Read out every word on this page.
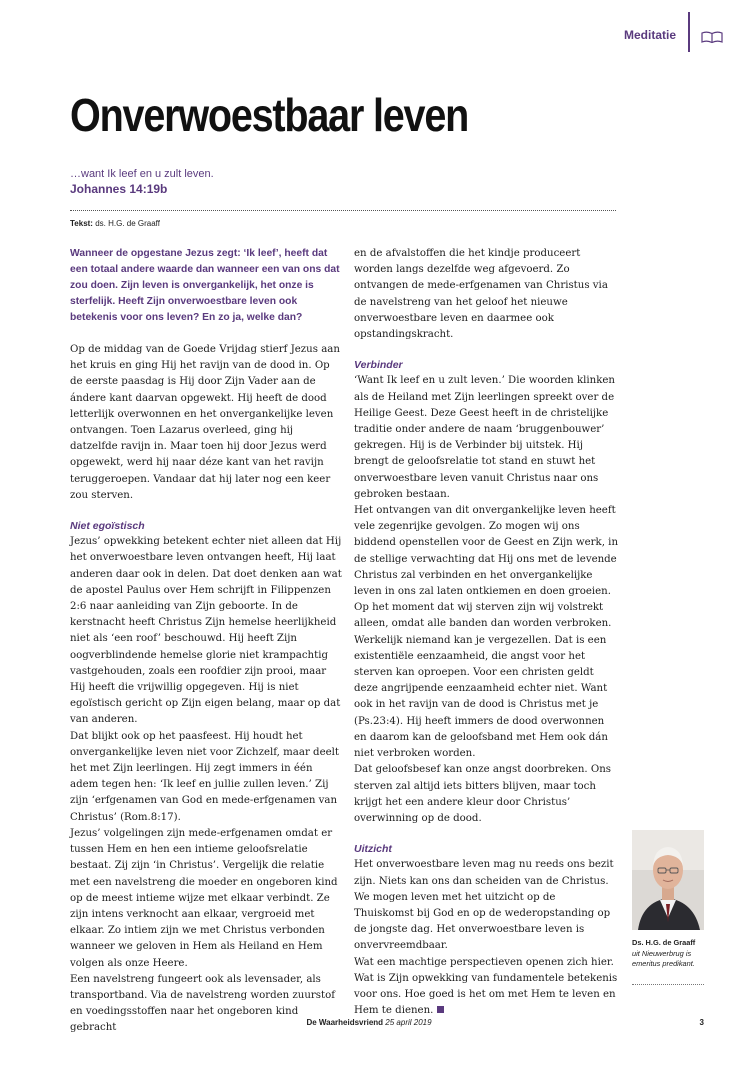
Meditatie
Onverwoestbaar leven
…want Ik leef en u zult leven.
Johannes 14:19b
Tekst: ds. H.G. de Graaff

Wanneer de opgestane Jezus zegt: ‘Ik leef’, heeft dat een totaal andere waarde dan wanneer een van ons dat zou doen. Zijn leven is onvergankelijk, het onze is sterfelijk. Heeft Zijn onverwoestbare leven ook betekenis voor ons leven? En zo ja, welke dan?

Op de middag van de Goede Vrijdag stierf Jezus aan het kruis en ging Hij het ravijn van de dood in. Op de eerste paasdag is Hij door Zijn Vader aan de ándere kant daarvan opgewekt. Hij heeft de dood letterlijk overwonnen en het onvergankelijke leven ontvangen. Toen Lazarus overleed, ging hij datzelfde ravijn in. Maar toen hij door Jezus werd opgewekt, werd hij naar déze kant van het ravijn teruggeroepen. Vandaar dat hij later nog een keer zou sterven.

Niet egoïstisch

Jezus’ opwekking betekent echter niet alleen dat Hij het onverwoestbare leven ontvangen heeft, Hij laat anderen daar ook in delen. Dat doet denken aan wat de apostel Paulus over Hem schrijft in Filippenzen 2:6 naar aanleiding van Zijn geboorte. In de kerstnacht heeft Christus Zijn hemelse heerlijkheid niet als ‘een roof’ beschouwd. Hij heeft Zijn oogverblindende hemelse glorie niet krampachtig vastgehouden, zoals een roofdier zijn prooi, maar Hij heeft die vrijwillig opgegeven. Hij is niet egoïstisch gericht op Zijn eigen belang, maar op dat van anderen.

Dat blijkt ook op het paasfeest. Hij houdt het onvergankelijke leven niet voor Zichzelf, maar deelt het met Zijn leerlingen. Hij zegt immers in één adem tegen hen: ‘Ik leef en jullie zullen leven.’ Zij zijn ‘erfgenamen van God en mede-erfgenamen van Christus’ (Rom.8:17).

Jezus’ volgelingen zijn mede-erfgenamen omdat er tussen Hem en hen een intieme geloofsrelatie bestaat. Zij zijn ‘in Christus’. Vergelijk die relatie met een navelstreng die moeder en ongeboren kind op de meest intieme wijze met elkaar verbindt. Ze zijn intens verknocht aan elkaar, vergroeid met elkaar. Zo intiem zijn we met Christus verbonden wanneer we geloven in Hem als Heiland en Hem volgen als onze Heere.

Een navelstreng fungeert ook als levensader, als transportband. Via de navelstreng worden zuurstof en voedingsstoffen naar het ongeboren kind gebracht

en de afvalstoffen die het kindje produceert worden langs dezelfde weg afgevoerd. Zo ontvangen de mede-erfgenamen van Christus via de navelstreng van het geloof het nieuwe onverwoestbare leven en daarmee ook opstandingskracht.

Verbinder

‘Want Ik leef en u zult leven.’ Die woorden klinken als de Heiland met Zijn leerlingen spreekt over de Heilige Geest. Deze Geest heeft in de christelijke traditie onder andere de naam ‘bruggenbouwer’ gekregen. Hij is de Verbinder bij uitstek. Hij brengt de geloofsrelatie tot stand en stuwt het onverwoestbare leven vanuit Christus naar ons gebroken bestaan.

Het ontvangen van dit onvergankelijke leven heeft vele zegenrijke gevolgen. Zo mogen wij ons biddend openstellen voor de Geest en Zijn werk, in de stellige verwachting dat Hij ons met de levende Christus zal verbinden en het onvergankelijke leven in ons zal laten ontkiemen en doen groeien.

Op het moment dat wij sterven zijn wij volstrekt alleen, omdat alle banden dan worden verbroken. Werkelijk niemand kan je vergezellen. Dat is een existentiële eenzaamheid, die angst voor het sterven kan oproepen. Voor een christen geldt deze angrijpende eenzaamheid echter niet. Want ook in het ravijn van de dood is Christus met je (Ps.23:4). Hij heeft immers de dood overwonnen en daarom kan de geloofsband met Hem ook dán niet verbroken worden.

Dat geloofsbesef kan onze angst doorbreken. Ons sterven zal altijd iets bitters blijven, maar toch krijgt het een andere kleur door Christus’ overwinning op de dood.

Uitzicht

Het onverwoestbare leven mag nu reeds ons bezit zijn. Niets kan ons dan scheiden van de Christus. We mogen leven met het uitzicht op de Thuiskomst bij God en op de wederopstanding op de jongste dag. Het onverwoestbare leven is onvervreemdbaar.

Wat een machtige perspectieven openen zich hier. Wat is Zijn opwekking van fundamentele betekenis voor ons. Hoe goed is het om met Hem te leven en Hem te dienen.

Ds. H.G. de Graaff
uit Nieuwerbrug is emeritus predikant.
De Waarheidsvriend 25 april 2019	3
